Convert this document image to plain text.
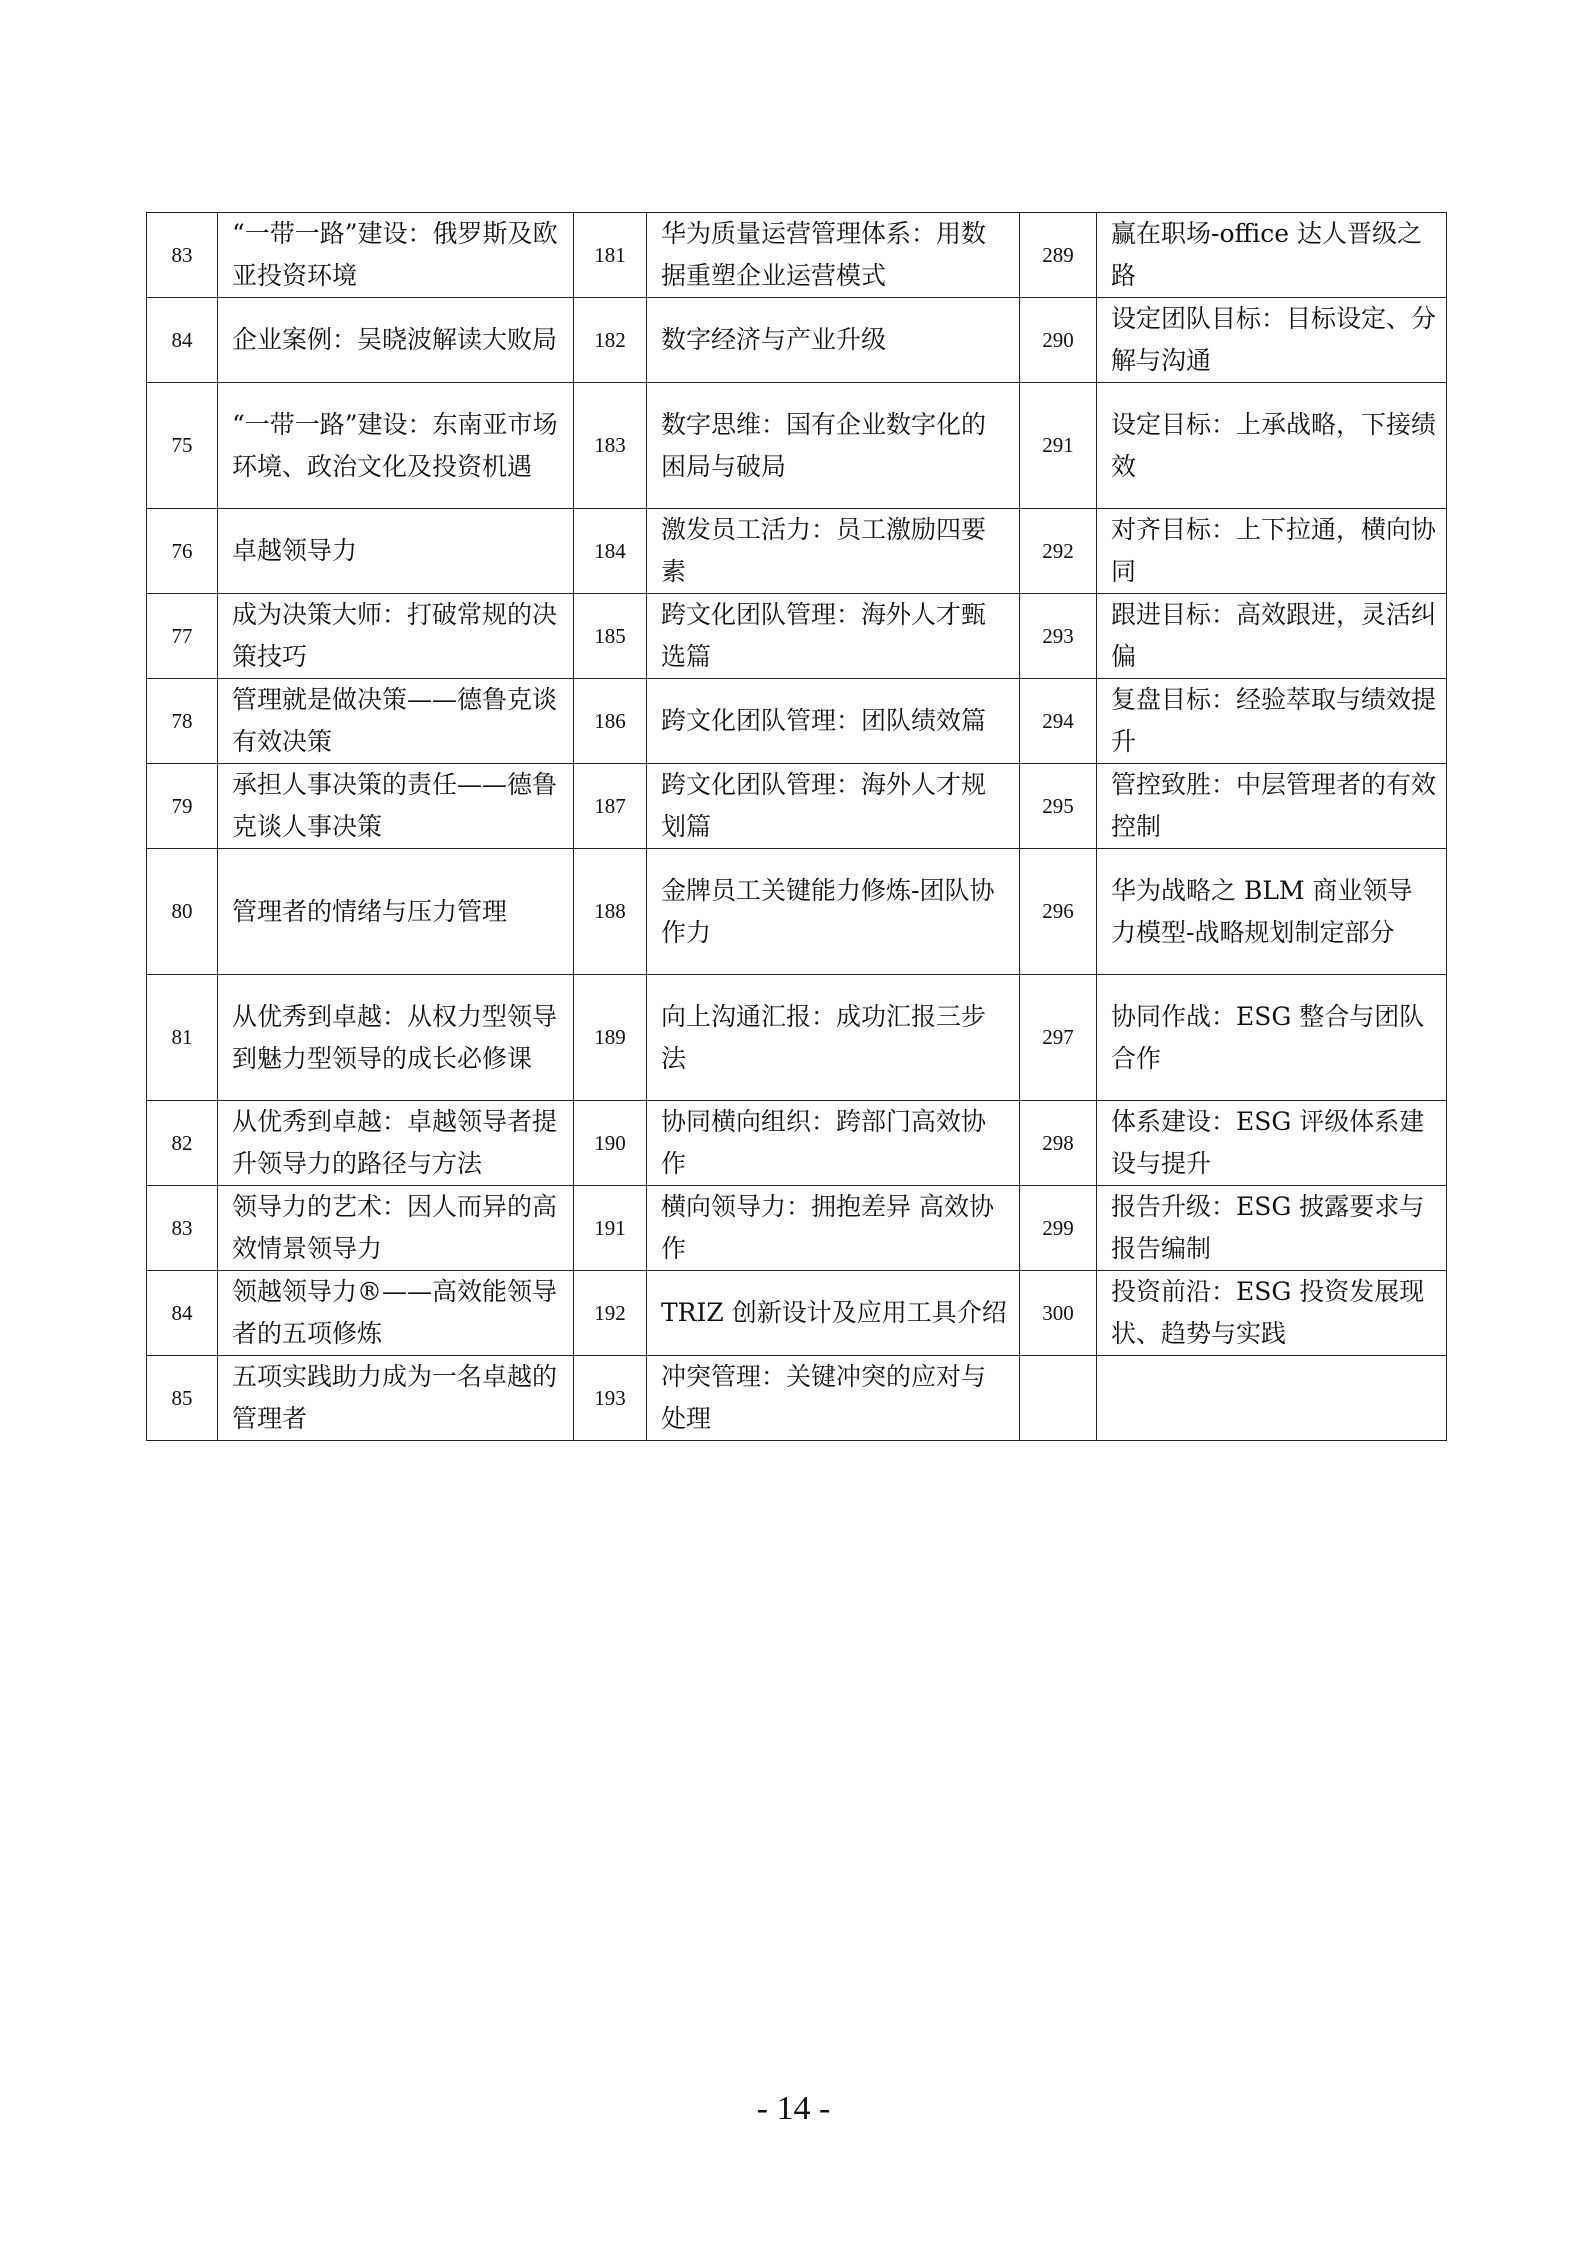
83	“一带一路”建设：俄罗斯及欧亚投资环境	181	华为质量运营管理体系：用数据重塑企业运营模式	289	赢在职场-office 达人晋级之路
84	企业案例：吴晓波解读大败局	182	数字经济与产业升级	290	设定团队目标：目标设定、分解与沟通
75	“一带一路”建设：东南亚市场环境、政治文化及投资机遇	183	数字思维：国有企业数字化的困局与破局	291	设定目标：上承战略，下接绩效
76	卓越领导力	184	激发员工活力：员工激励四要素	292	对齐目标：上下拉通，横向协同
77	成为决策大师：打破常规的决策技巧	185	跨文化团队管理：海外人才甄选篇	293	跟进目标：高效跟进，灵活纠偏
78	管理就是做决策——德鲁克谈有效决策	186	跨文化团队管理：团队绩效篇	294	复盘目标：经验萃取与绩效提升
79	承担人事决策的责任——德鲁克谈人事决策	187	跨文化团队管理：海外人才规划篇	295	管控致胜：中层管理者的有效控制
80	管理者的情绪与压力管理	188	金牌员工关键能力修炼-团队协作力	296	华为战略之 BLM 商业领导力模型-战略规划制定部分
81	从优秀到卓越：从权力型领导到魅力型领导的成长必修课	189	向上沟通汇报：成功汇报三步法	297	协同作战：ESG 整合与团队合作
82	从优秀到卓越：卓越领导者提升领导力的路径与方法	190	协同横向组织：跨部门高效协作	298	体系建设：ESG 评级体系建设与提升
83	领导力的艺术：因人而异的高效情景领导力	191	横向领导力：拥抱差异 高效协作	299	报告升级：ESG 披露要求与报告编制
84	领越领导力®——高效能领导者的五项修炼	192	TRIZ 创新设计及应用工具介绍	300	投资前沿：ESG 投资发展现状、趋势与实践
85	五项实践助力成为一名卓越的管理者	193	冲突管理：关键冲突的应对与处理		
- 14 -
